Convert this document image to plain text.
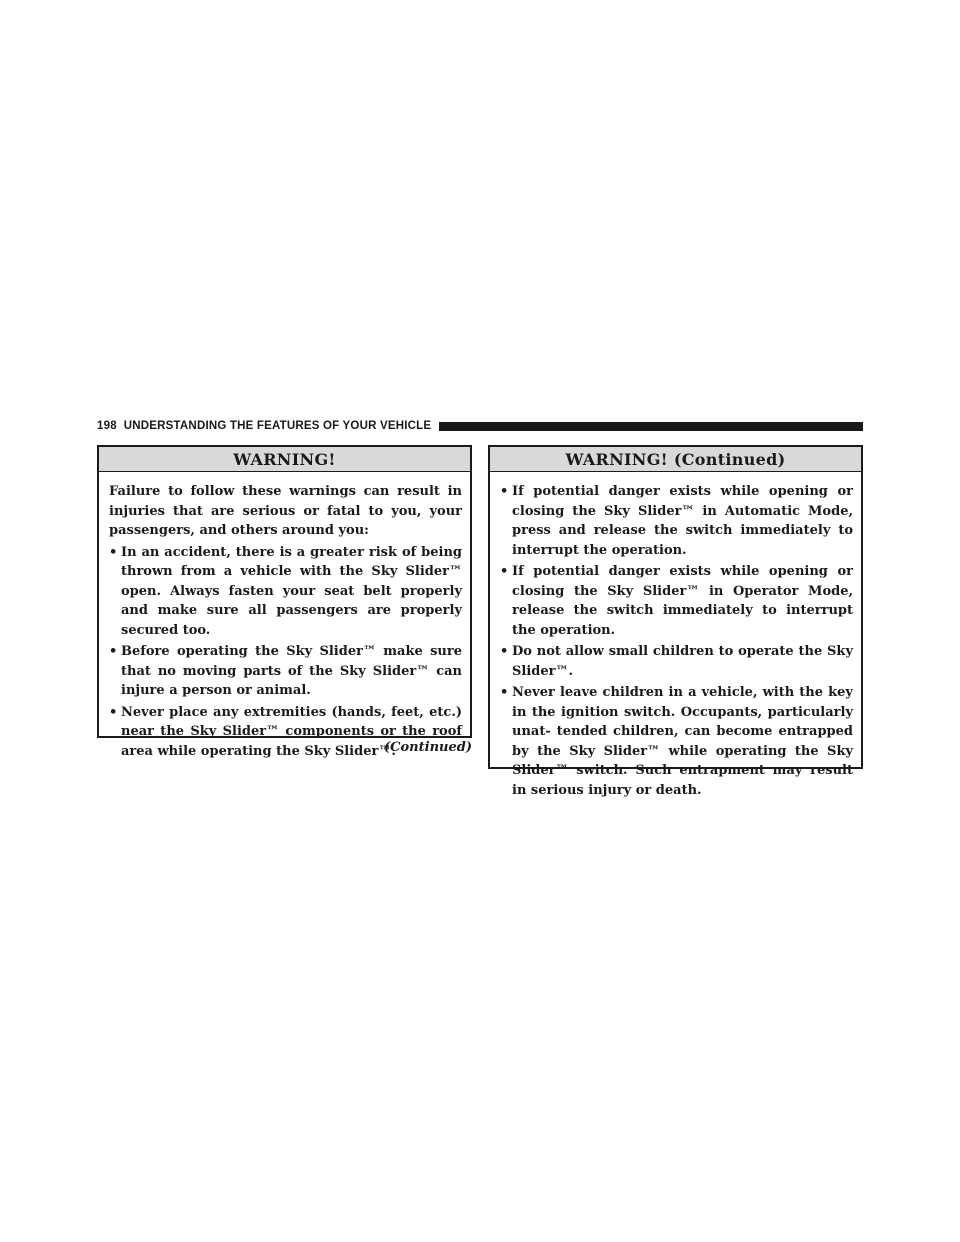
198 UNDERSTANDING THE FEATURES OF YOUR VEHICLE
WARNING!

Failure to follow these warnings can result in injuries that are serious or fatal to you, your passengers, and others around you:

• In an accident, there is a greater risk of being thrown from a vehicle with the Sky Slider™ open. Always fasten your seat belt properly and make sure all passengers are properly secured too.
• Before operating the Sky Slider™ make sure that no moving parts of the Sky Slider™ can injure a person or animal.
• Never place any extremities (hands, feet, etc.) near the Sky Slider™ components or the roof area while operating the Sky Slider™.
(Continued)
WARNING! (Continued)
• If potential danger exists while opening or closing the Sky Slider™ in Automatic Mode, press and release the switch immediately to interrupt the operation.
• If potential danger exists while opening or closing the Sky Slider™ in Operator Mode, release the switch immediately to interrupt the operation.
• Do not allow small children to operate the Sky Slider™.
• Never leave children in a vehicle, with the key in the ignition switch. Occupants, particularly unat- tended children, can become entrapped by the Sky Slider™ while operating the Sky Slider™ switch. Such entrapment may result in serious injury or death.
